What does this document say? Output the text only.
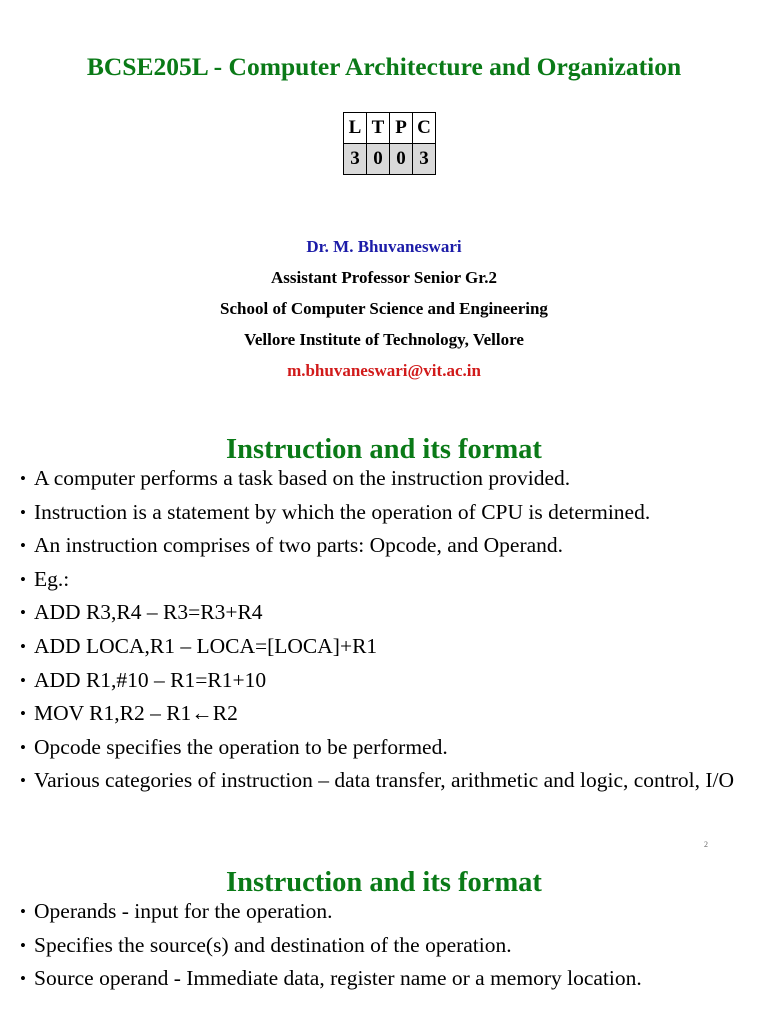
BCSE205L - Computer Architecture and Organization
L	T	P	C
3	0	0	3
Dr. M. Bhuvaneswari
Assistant Professor Senior Gr.2
School of Computer Science and Engineering
Vellore Institute of Technology, Vellore
m.bhuvaneswari@vit.ac.in
Instruction and its format
• A computer performs a task based on the instruction provided.
• Instruction is a statement by which the operation of CPU is determined.
• An instruction comprises of two parts: Opcode, and Operand.
• Eg.:
• ADD R3,R4 – R3=R3+R4
• ADD LOCA,R1 – LOCA=[LOCA]+R1
• ADD R1,#10 – R1=R1+10
• MOV R1,R2 – R1←R2
• Opcode specifies the operation to be performed.
• Various categories of instruction – data transfer, arithmetic and logic, control, I/O
2
Instruction and its format
• Operands - input for the operation.
• Specifies the source(s) and destination of the operation.
• Source operand - Immediate data, register name or a memory location.
